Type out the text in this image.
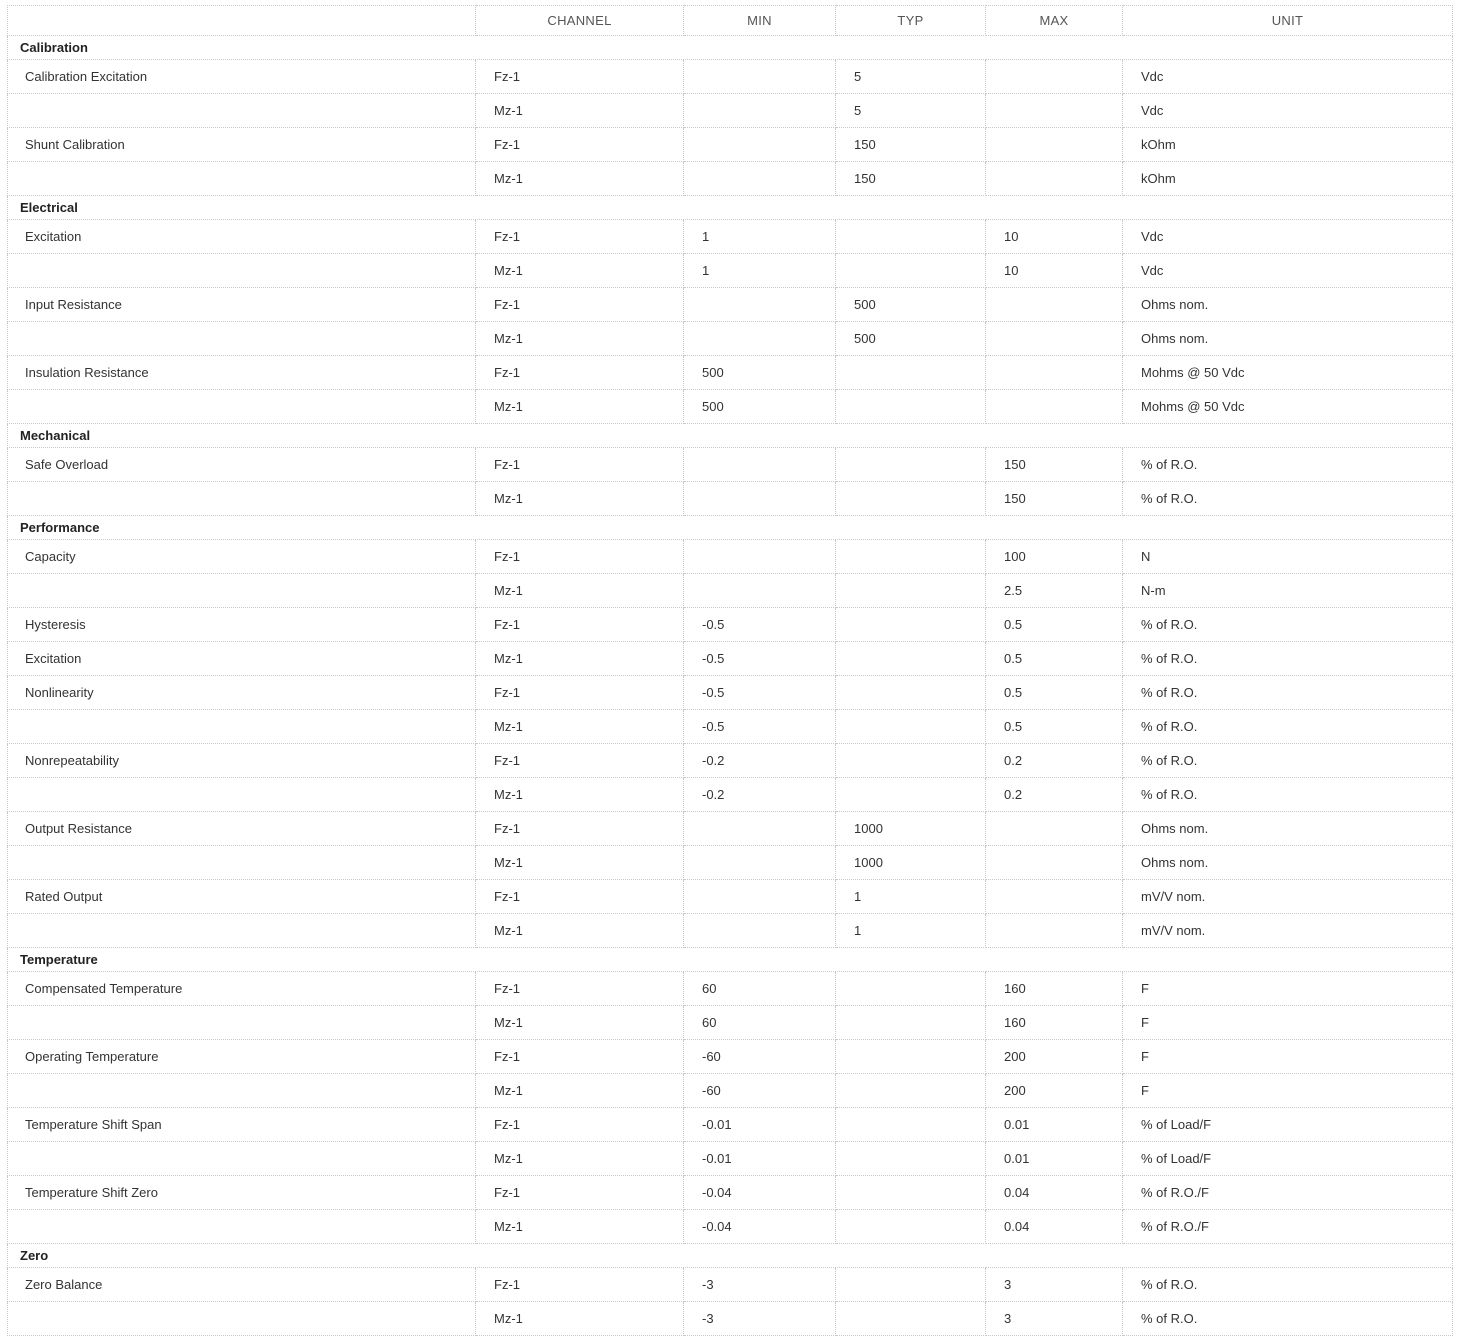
	CHANNEL	MIN	TYP	MAX	UNIT
Calibration					
Calibration Excitation	Fz-1		5		Vdc
	Mz-1		5		Vdc
Shunt Calibration	Fz-1		150		kOhm
	Mz-1		150		kOhm
Electrical					
Excitation	Fz-1	1		10	Vdc
	Mz-1	1		10	Vdc
Input Resistance	Fz-1		500		Ohms nom.
	Mz-1		500		Ohms nom.
Insulation Resistance	Fz-1	500			Mohms @ 50 Vdc
	Mz-1	500			Mohms @ 50 Vdc
Mechanical					
Safe Overload	Fz-1			150	% of R.O.
	Mz-1			150	% of R.O.
Performance					
Capacity	Fz-1			100	N
	Mz-1			2.5	N-m
Hysteresis	Fz-1	-0.5		0.5	% of R.O.
Excitation	Mz-1	-0.5		0.5	% of R.O.
Nonlinearity	Fz-1	-0.5		0.5	% of R.O.
	Mz-1	-0.5		0.5	% of R.O.
Nonrepeatability	Fz-1	-0.2		0.2	% of R.O.
	Mz-1	-0.2		0.2	% of R.O.
Output Resistance	Fz-1		1000		Ohms nom.
	Mz-1		1000		Ohms nom.
Rated Output	Fz-1		1		mV/V nom.
	Mz-1		1		mV/V nom.
Temperature					
Compensated Temperature	Fz-1	60		160	F
	Mz-1	60		160	F
Operating Temperature	Fz-1	-60		200	F
	Mz-1	-60		200	F
Temperature Shift Span	Fz-1	-0.01		0.01	% of Load/F
	Mz-1	-0.01		0.01	% of Load/F
Temperature Shift Zero	Fz-1	-0.04		0.04	% of R.O./F
	Mz-1	-0.04		0.04	% of R.O./F
Zero					
Zero Balance	Fz-1	-3		3	% of R.O.
	Mz-1	-3		3	% of R.O.
